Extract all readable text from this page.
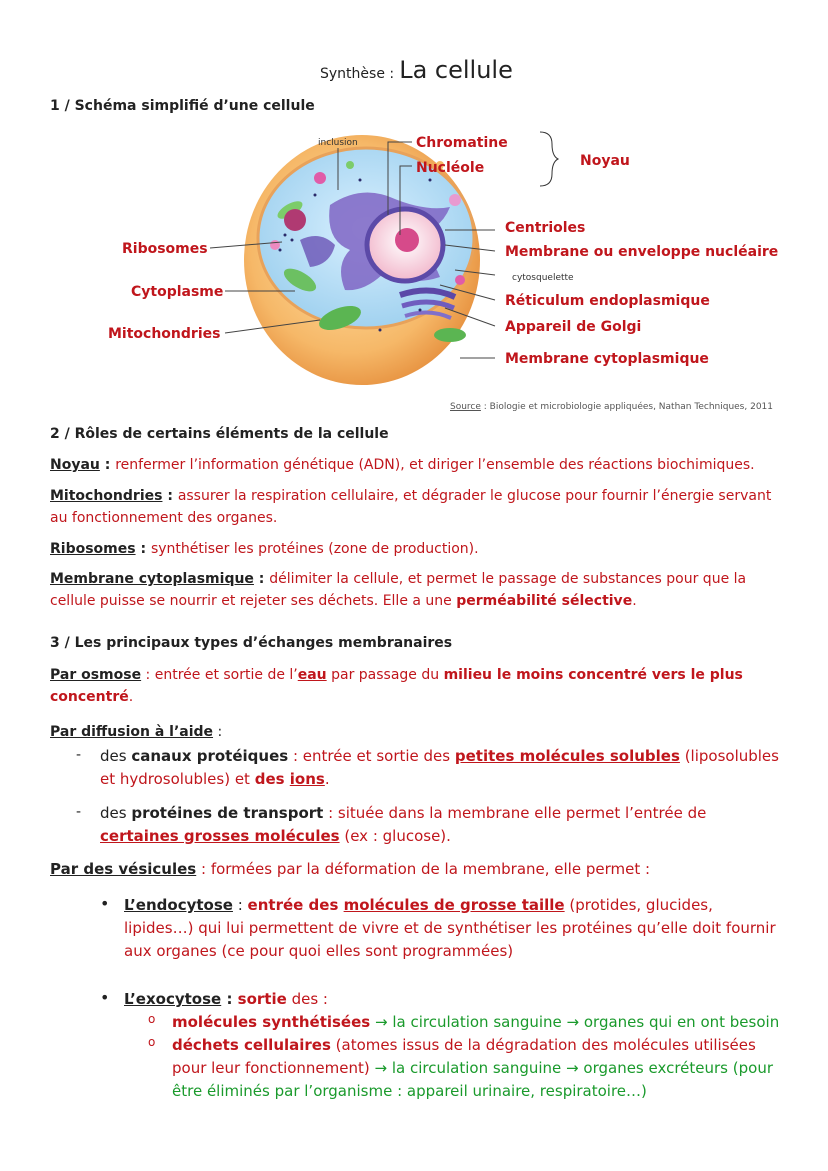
Synthèse : La cellule
1 / Schéma simplifié d’une cellule
inclusion	Chromatine
Nucléole	Noyau
Centrioles
Membrane ou enveloppe nucléaire
cytosquelette
Réticulum endoplasmique
Appareil de Golgi
Membrane cytoplasmique
Ribosomes
Cytoplasme
Mitochondries
Source : Biologie et microbiologie appliquées, Nathan Techniques, 2011
2 / Rôles de certains éléments de la cellule
Noyau : renfermer l’information génétique (ADN), et diriger l’ensemble des réactions biochimiques.
Mitochondries : assurer la respiration cellulaire, et dégrader le glucose pour fournir l’énergie servant au fonctionnement des organes.
Ribosomes : synthétiser les protéines (zone de production).
Membrane cytoplasmique : délimiter la cellule, et permet le passage de substances pour que la cellule puisse se nourrir et rejeter ses déchets. Elle a une perméabilité sélective.
3 / Les principaux types d’échanges membranaires
Par osmose : entrée et sortie de l’eau par passage du milieu le moins concentré vers le plus concentré.
Par diffusion à l’aide :
- des canaux protéiques : entrée et sortie des petites molécules solubles (liposolubles et hydrosolubles) et des ions.
- des protéines de transport : située dans la membrane elle permet l’entrée de certaines grosses molécules (ex : glucose).
Par des vésicules : formées par la déformation de la membrane, elle permet :
• L’endocytose : entrée des molécules de grosse taille (protides, glucides, lipides…) qui lui permettent de vivre et de synthétiser les protéines qu’elle doit fournir aux organes (ce pour quoi elles sont programmées)
• L’exocytose : sortie des :
o molécules synthétisées → la circulation sanguine → organes qui en ont besoin
o déchets cellulaires (atomes issus de la dégradation des molécules utilisées pour leur fonctionnement) → la circulation sanguine → organes excréteurs (pour être éliminés par l’organisme : appareil urinaire, respiratoire…)
